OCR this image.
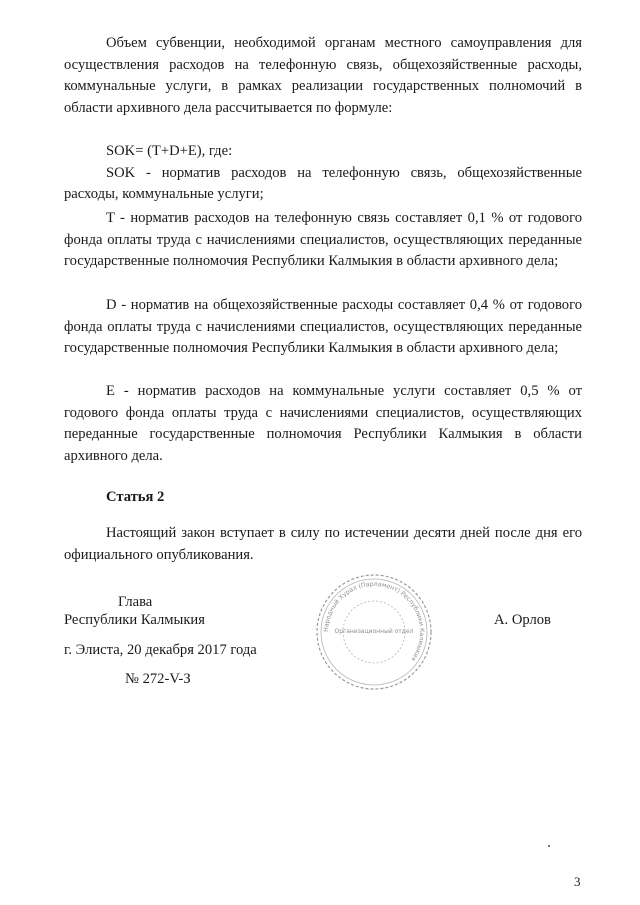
Объем субвенции, необходимой органам местного самоуправления для осуществления расходов на телефонную связь, общехозяйственные расходы, коммунальные услуги, в рамках реализации государственных полномочий в области архивного дела рассчитывается по формуле:

SOK= (T+D+E), где:

SOK - норматив расходов на телефонную связь, общехозяйственные расходы, коммунальные услуги;

T - норматив расходов на телефонную связь составляет 0,1 % от годового фонда оплаты труда с начислениями специалистов, осуществляющих переданные государственные полномочия Республики Калмыкия в области архивного дела;

D - норматив на общехозяйственные расходы составляет 0,4 % от годового фонда оплаты труда с начислениями специалистов, осуществляющих переданные государственные полномочия Республики Калмыкия в области архивного дела;

E - норматив расходов на коммунальные услуги составляет 0,5 % от годового фонда оплаты труда с начислениями специалистов, осуществляющих переданные государственные полномочия Республики Калмыкия в области архивного дела.

Статья 2

Настоящий закон вступает в силу по истечении десяти дней после дня его официального опубликования.

Глава
Республики Калмыкия	А. Орлов
г. Элиста, 20 декабря 2017 года
№ 272-V-З
Народный Хурал (Парламент) Республики Калмыкия
Организационный отдел
3
